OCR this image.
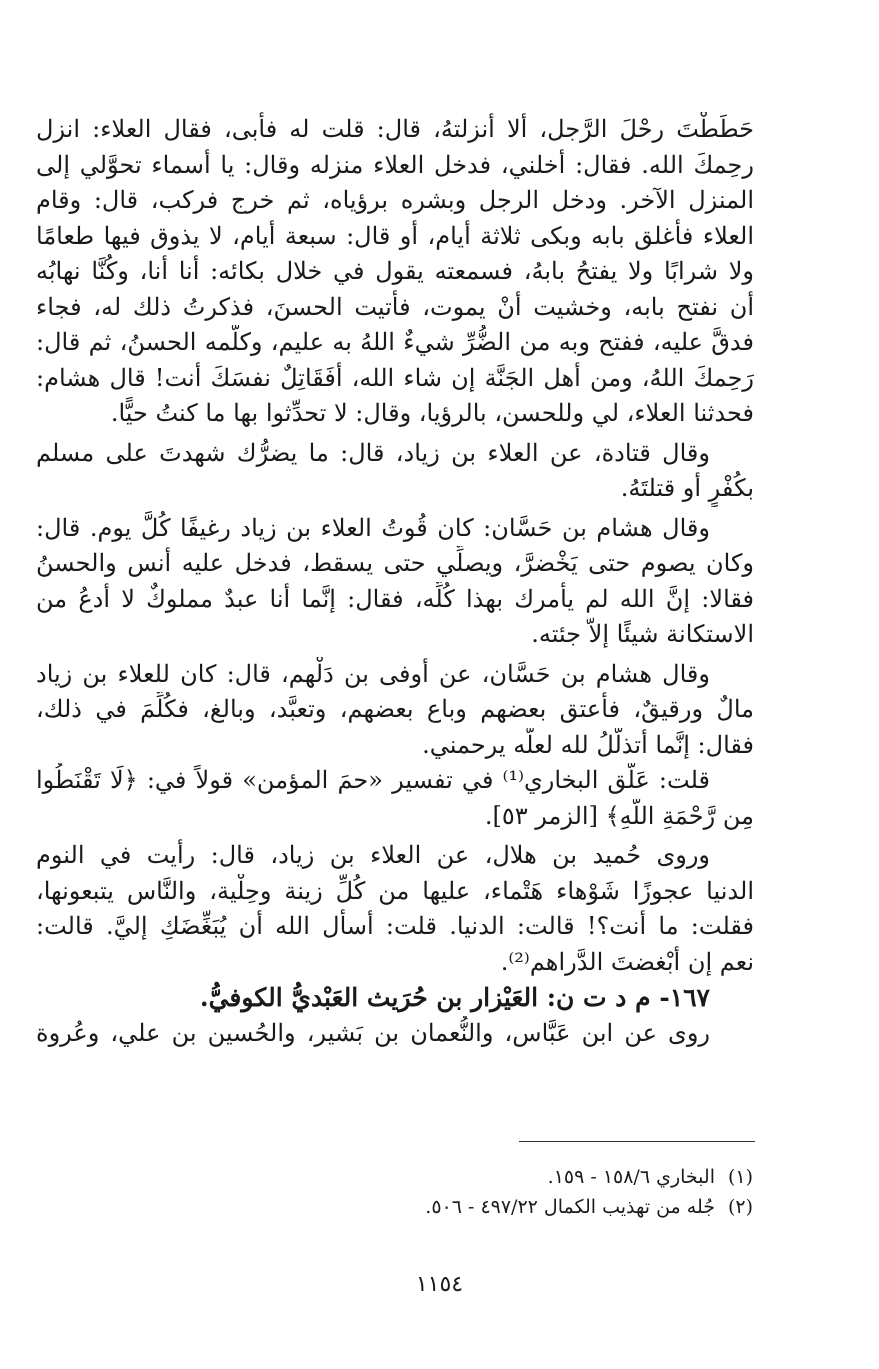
حَطَطْتَ رحْلَ الرَّجل، ألا أنزلتهُ، قال: قلت له فأبى، فقال العلاء: انزل
رحِمكَ الله. فقال: أخلني، فدخل العلاء منزله وقال: يا أسماء تحوَّلي إلى
المنزل الآخر. ودخل الرجل وبشره برؤياه، ثم خرج فركب، قال: وقام
العلاء فأغلق بابه وبكى ثلاثة أيام، أو قال: سبعة أيام، لا يذوق فيها طعامًا
ولا شرابًا ولا يفتحُ بابهُ، فسمعته يقول في خلال بكائه: أنا أنا، وكُنَّا نهابُه
أن نفتح بابه، وخشيت أنْ يموت، فأتيت الحسنَ، فذكرتُ ذلك له، فجاء
فدقَّ عليه، ففتح وبه من الضُّرِّ شيءٌ اللهُ به عليم، وكلَّمه الحسنُ، ثم قال:
رَحِمكَ اللهُ، ومن أهل الجَنَّة إن شاء الله، أفَقَاتِلٌ نفسَكَ أنت! قال هشام:
فحدثنا العلاء، لي وللحسن، بالرؤيا، وقال: لا تحدِّثوا بها ما كنتُ حيًّا.
وقال قتادة، عن العلاء بن زياد، قال: ما يضرُّك شهدتَ على مسلم
بكُفْرٍ أو قتلتَهُ.
وقال هشام بن حَسَّان: كان قُوتُ العلاء بن زياد رغيفًا كُلَّ يوم. قال:
وكان يصوم حتى يَخْضرَّ، ويصلِّي حتى يسقط، فدخل عليه أنس والحسنُ
فقالا: إنَّ الله لم يأمرك بهذا كُلِّه، فقال: إنَّما أنا عبدٌ مملوكٌ لا أدعُ من
الاستكانة شيئًا إلاَّ جئته.
وقال هشام بن حَسَّان، عن أوفى بن دَلْهم، قال: كان للعلاء بن زياد
مالٌ ورقيقٌ، فأعتق بعضهم وباع بعضهم، وتعبَّد، وبالغ، فكُلِّمَ في ذلك،
فقال: إنَّما أتذلَّلُ لله لعلَّه يرحمني.
قلت: عَلَّق البخاري⁽¹⁾ في تفسير «حمَ المؤمن» قولاً في: ﴿لَا تَقْنَطُوا
مِن رَّحْمَةِ اللَّهِ﴾ [الزمر ٥٣].
وروى حُميد بن هلال، عن العلاء بن زياد، قال: رأيت في النوم
الدنيا عجوزًا شَوْهاء هَتْماء، عليها من كُلِّ زينة وحِلْية، والنَّاس يتبعونها،
فقلت: ما أنت؟! قالت: الدنيا. قلت: أسأل الله أن يُبَغِّضَكِ إليَّ. قالت:
نعم إن أبْغضتَ الدَّراهم⁽²⁾.
١٦٧- م د ت ن: العَيْزار بن حُرَيث العَبْديُّ الكوفيُّ.
روى عن ابن عَبَّاس، والنُّعمان بن بَشير، والحُسين بن علي، وعُروة
(١)البخاري ١٥٨/٦ - ١٥٩.
(٢)جُله من تهذيب الكمال ٤٩٧/٢٢ - ٥٠٦.
١١٥٤
